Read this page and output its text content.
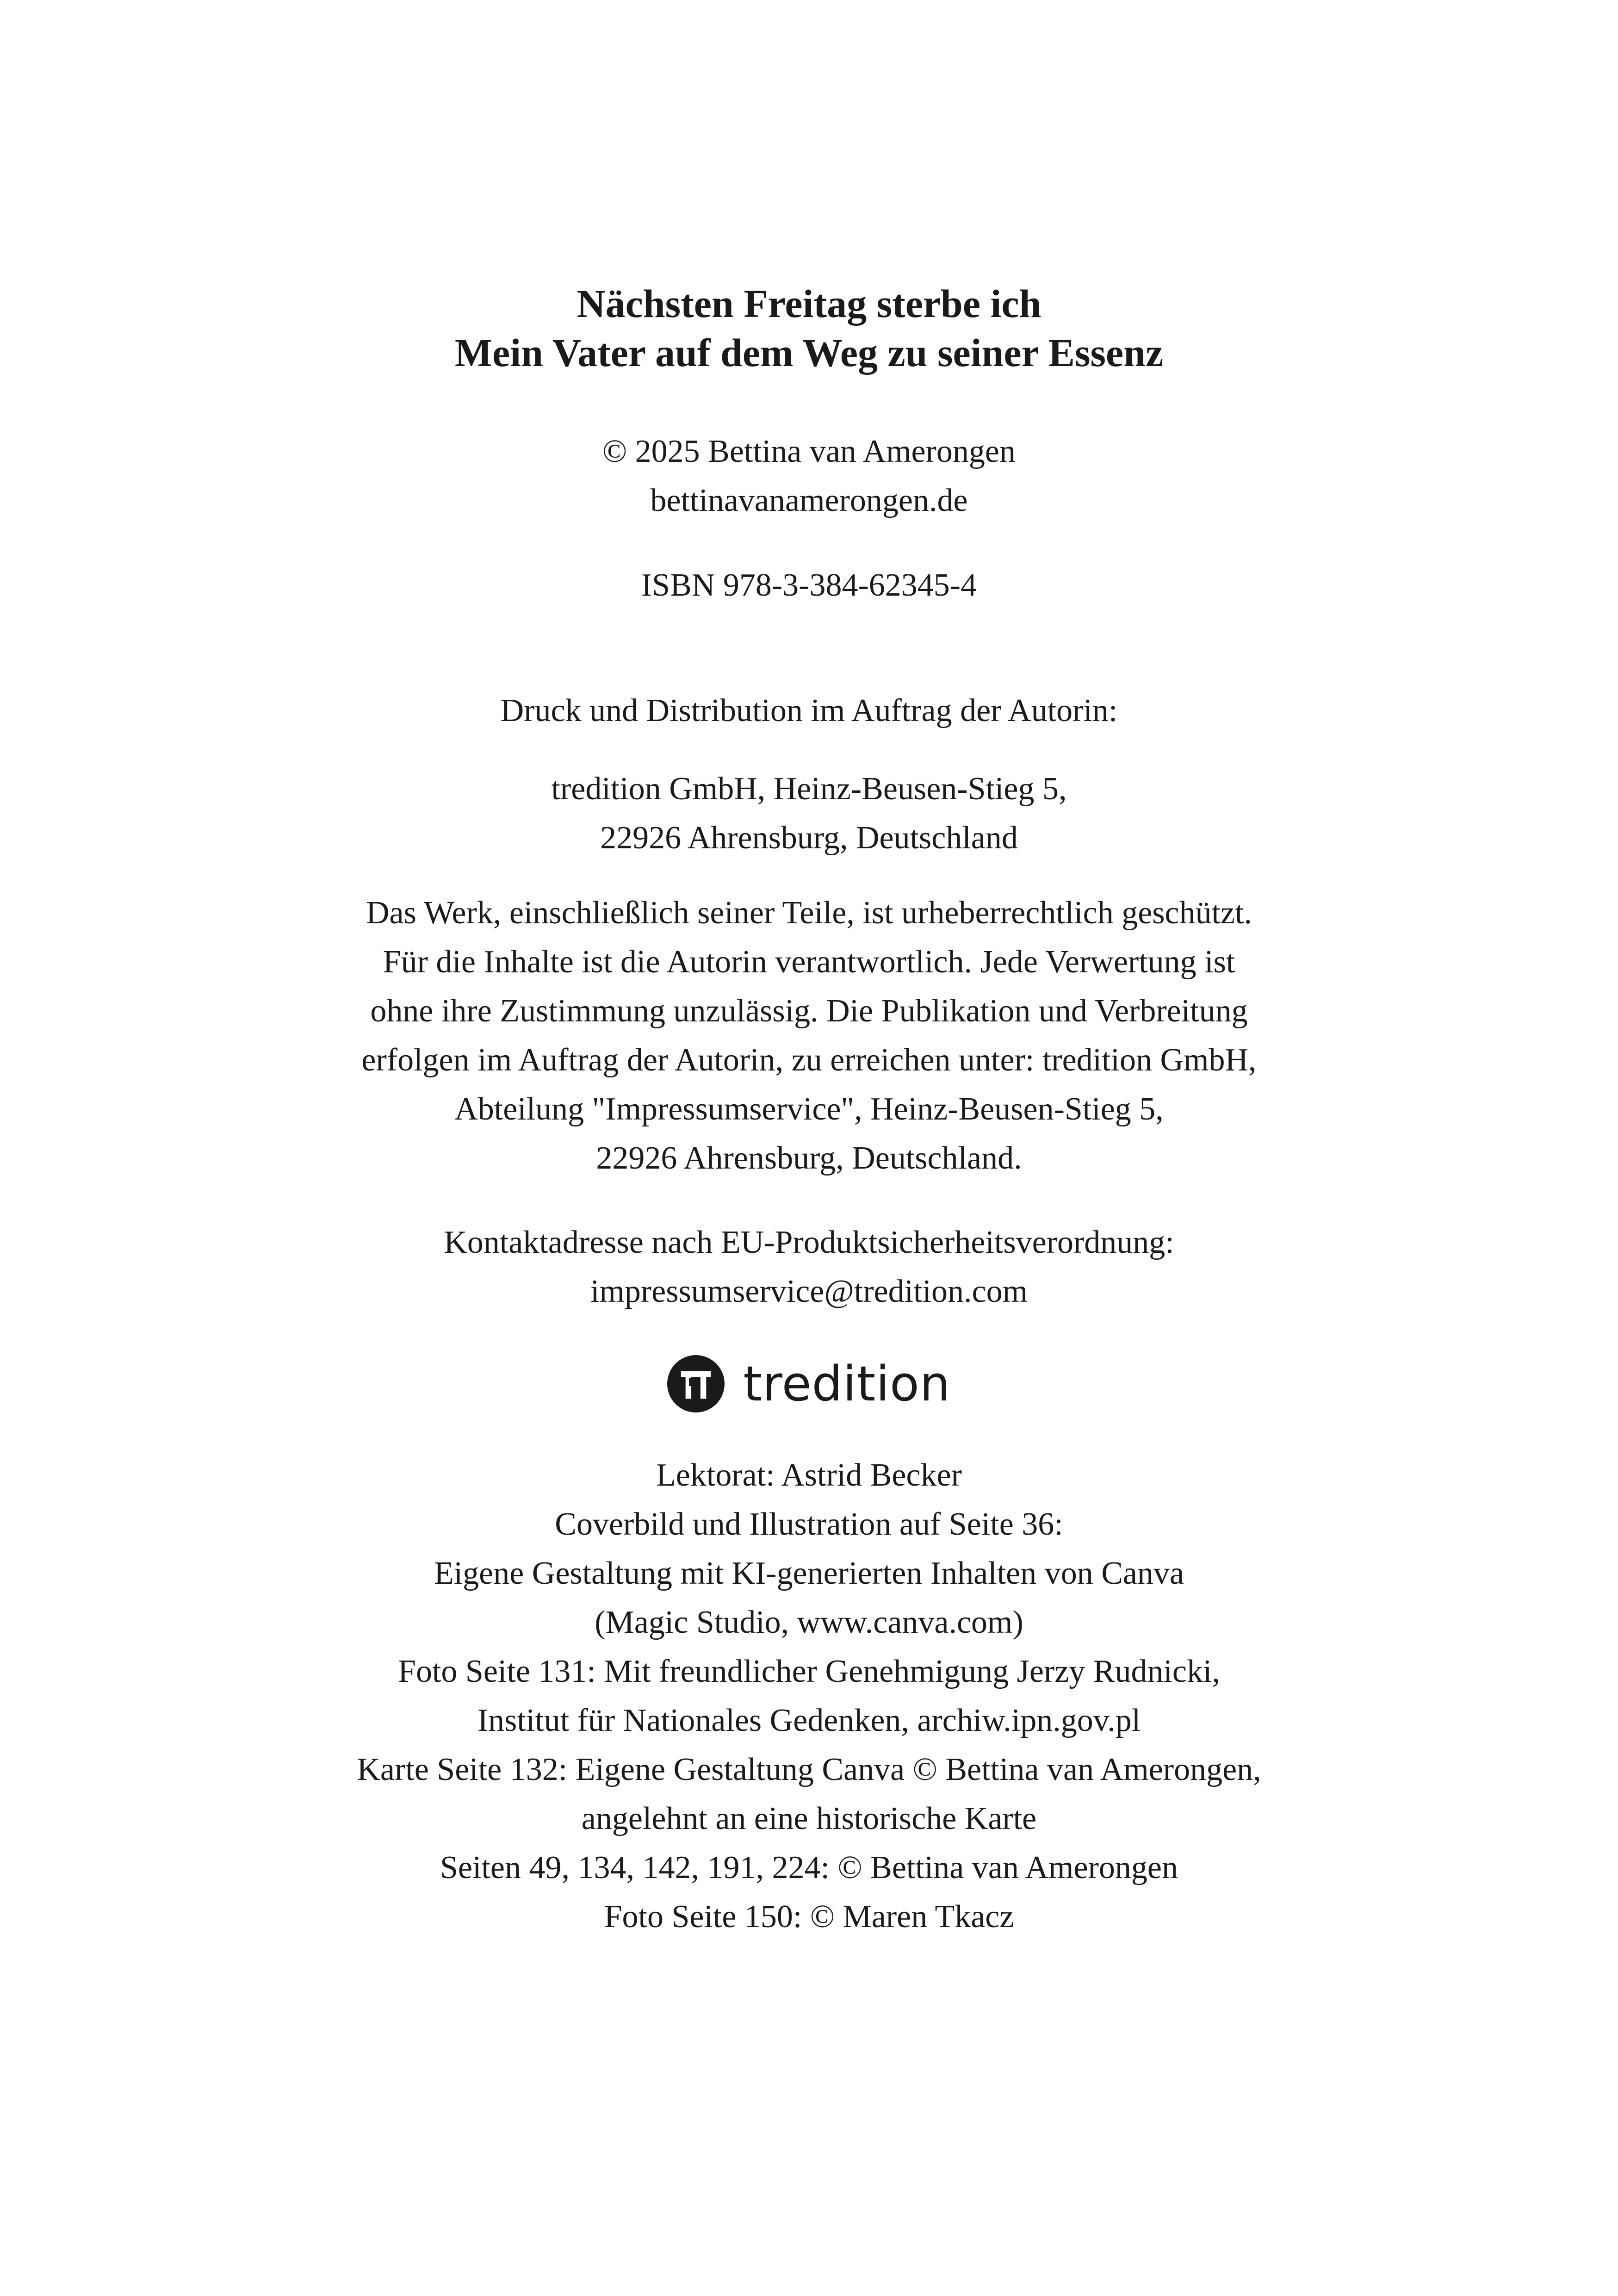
Nächsten Freitag sterbe ich
Mein Vater auf dem Weg zu seiner Essenz
© 2025 Bettina van Amerongen
bettinavanamerongen.de
ISBN 978-3-384-62345-4
Druck und Distribution im Auftrag der Autorin:
tredition GmbH, Heinz-Beusen-Stieg 5,
22926 Ahrensburg, Deutschland
Das Werk, einschließlich seiner Teile, ist urheberrechtlich geschützt.
Für die Inhalte ist die Autorin verantwortlich. Jede Verwertung ist
ohne ihre Zustimmung unzulässig. Die Publikation und Verbreitung
erfolgen im Auftrag der Autorin, zu erreichen unter: tredition GmbH,
Abteilung "Impressumservice", Heinz-Beusen-Stieg 5,
22926 Ahrensburg, Deutschland.
Kontaktadresse nach EU-Produktsicherheitsverordnung:
impressumservice@tredition.com
tredition
Lektorat: Astrid Becker
Coverbild und Illustration auf Seite 36:
Eigene Gestaltung mit KI-generierten Inhalten von Canva
(Magic Studio, www.canva.com)
Foto Seite 131: Mit freundlicher Genehmigung Jerzy Rudnicki,
Institut für Nationales Gedenken, archiw.ipn.gov.pl
Karte Seite 132: Eigene Gestaltung Canva © Bettina van Amerongen,
angelehnt an eine historische Karte
Seiten 49, 134, 142, 191, 224: © Bettina van Amerongen
Foto Seite 150: © Maren Tkacz
